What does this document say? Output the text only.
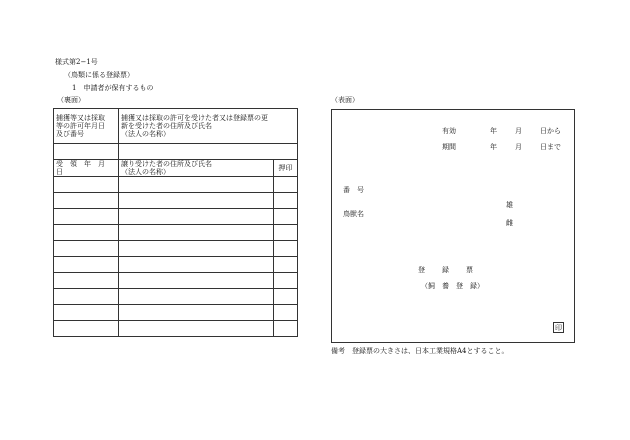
様式第2−1号
（鳥類に係る登録票）
1　申請者が保有するもの
（裏面）	（表面）
捕獲等又は採取
等の許可年月日
及び番号	捕獲又は採取の許可を受けた者又は登録票の更
新を受けた者の住所及び氏名
（法人の名称）	

受　領　年　月　日	譲り受けた者の住所及び氏名
（法人の名称）	押印

有効	年	月	日から
期間	年	月	日まで
番　号
鳥獣名
雄
雌
登　　録　　票
（飼　養　登　録）
印
備考　登録票の大きさは、日本工業規格A4とすること。
